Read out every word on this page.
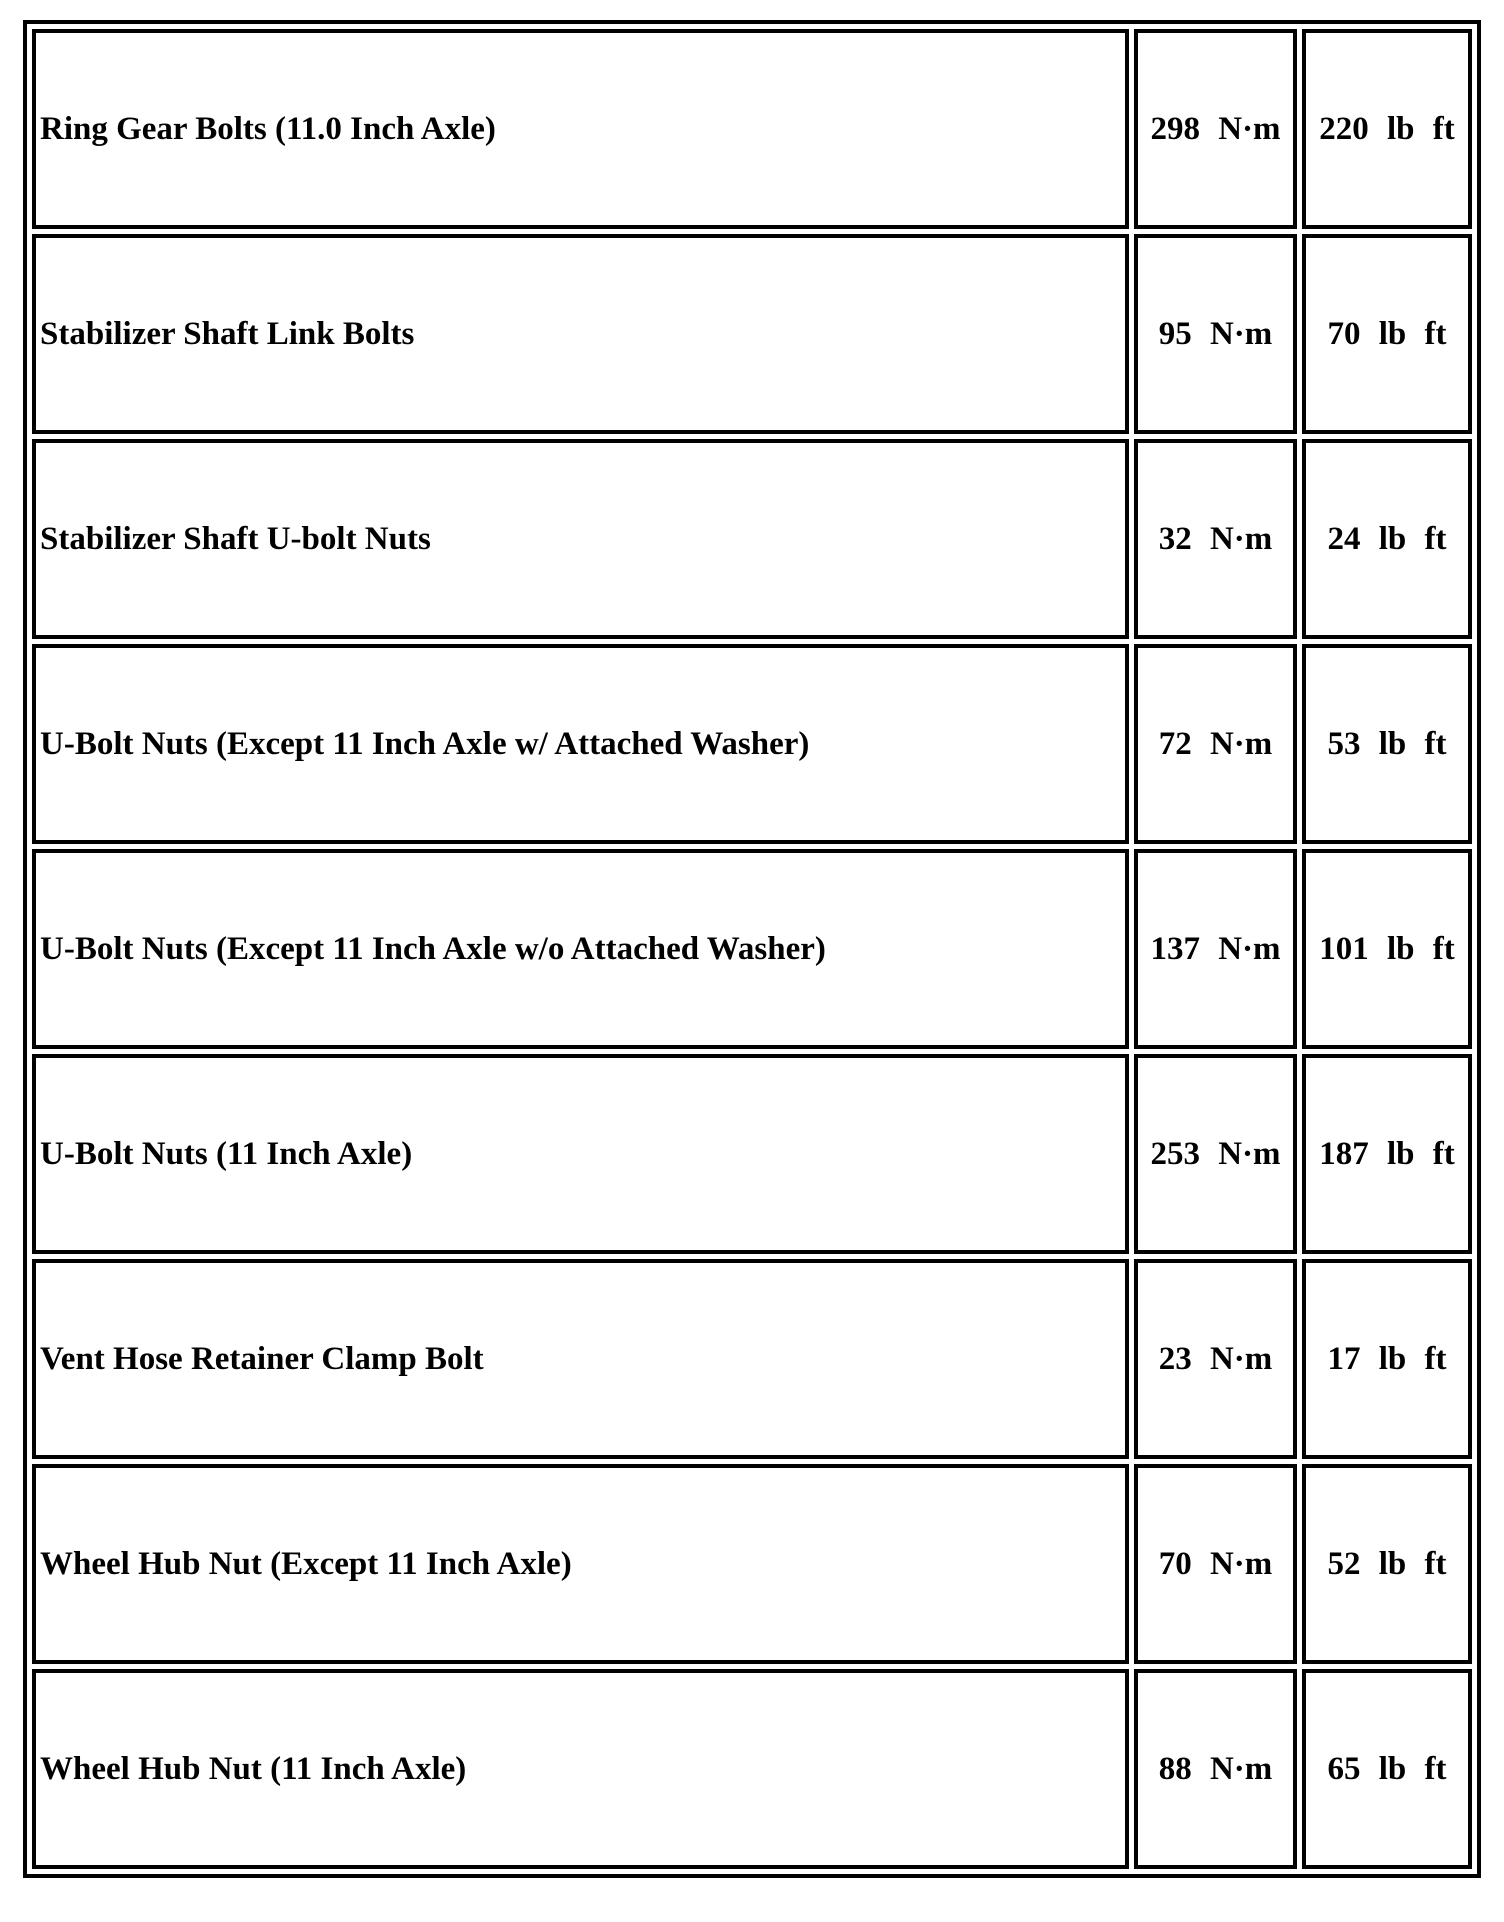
Ring Gear Bolts (11.0 Inch Axle)	298 N·m	220 lb ft
Stabilizer Shaft Link Bolts	95 N·m	70 lb ft
Stabilizer Shaft U-bolt Nuts	32 N·m	24 lb ft
U-Bolt Nuts (Except 11 Inch Axle w/ Attached Washer)	72 N·m	53 lb ft
U-Bolt Nuts (Except 11 Inch Axle w/o Attached Washer)	137 N·m	101 lb ft
U-Bolt Nuts (11 Inch Axle)	253 N·m	187 lb ft
Vent Hose Retainer Clamp Bolt	23 N·m	17 lb ft
Wheel Hub Nut (Except 11 Inch Axle)	70 N·m	52 lb ft
Wheel Hub Nut (11 Inch Axle)	88 N·m	65 lb ft
